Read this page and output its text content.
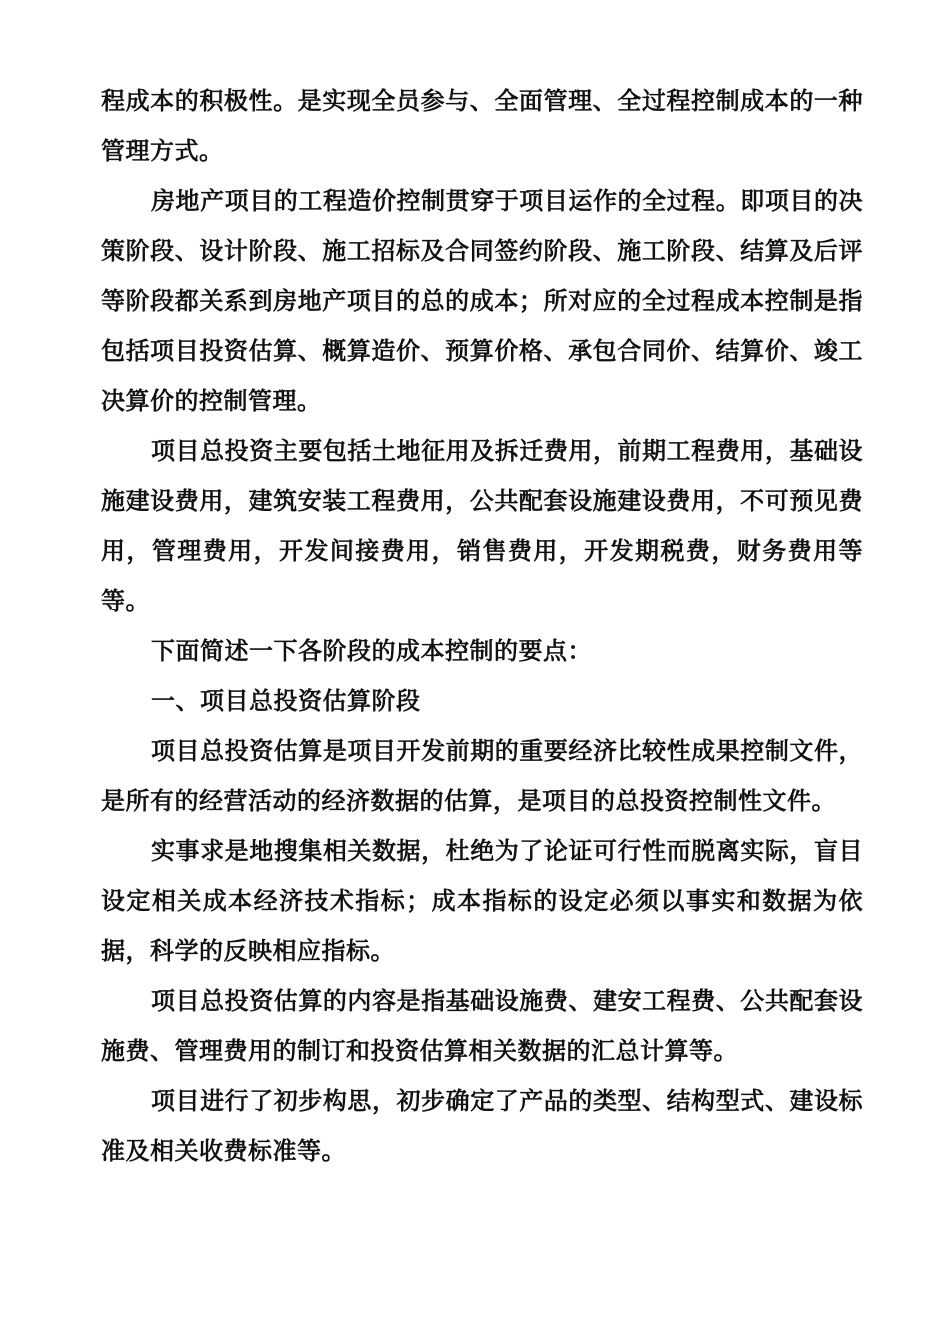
程成本的积极性。是实现全员参与、全面管理、全过程控制成本的一种管理方式。

房地产项目的工程造价控制贯穿于项目运作的全过程。即项目的决策阶段、设计阶段、施工招标及合同签约阶段、施工阶段、结算及后评等阶段都关系到房地产项目的总的成本；所对应的全过程成本控制是指包括项目投资估算、概算造价、预算价格、承包合同价、结算价、竣工决算价的控制管理。

项目总投资主要包括土地征用及拆迁费用，前期工程费用，基础设施建设费用，建筑安装工程费用，公共配套设施建设费用，不可预见费用，管理费用，开发间接费用，销售费用，开发期税费，财务费用等等。

下面简述一下各阶段的成本控制的要点：

一、项目总投资估算阶段

项目总投资估算是项目开发前期的重要经济比较性成果控制文件，是所有的经营活动的经济数据的估算，是项目的总投资控制性文件。

实事求是地搜集相关数据，杜绝为了论证可行性而脱离实际，盲目设定相关成本经济技术指标；成本指标的设定必须以事实和数据为依据，科学的反映相应指标。

项目总投资估算的内容是指基础设施费、建安工程费、公共配套设施费、管理费用的制订和投资估算相关数据的汇总计算等。

项目进行了初步构思，初步确定了产品的类型、结构型式、建设标准及相关收费标准等。
